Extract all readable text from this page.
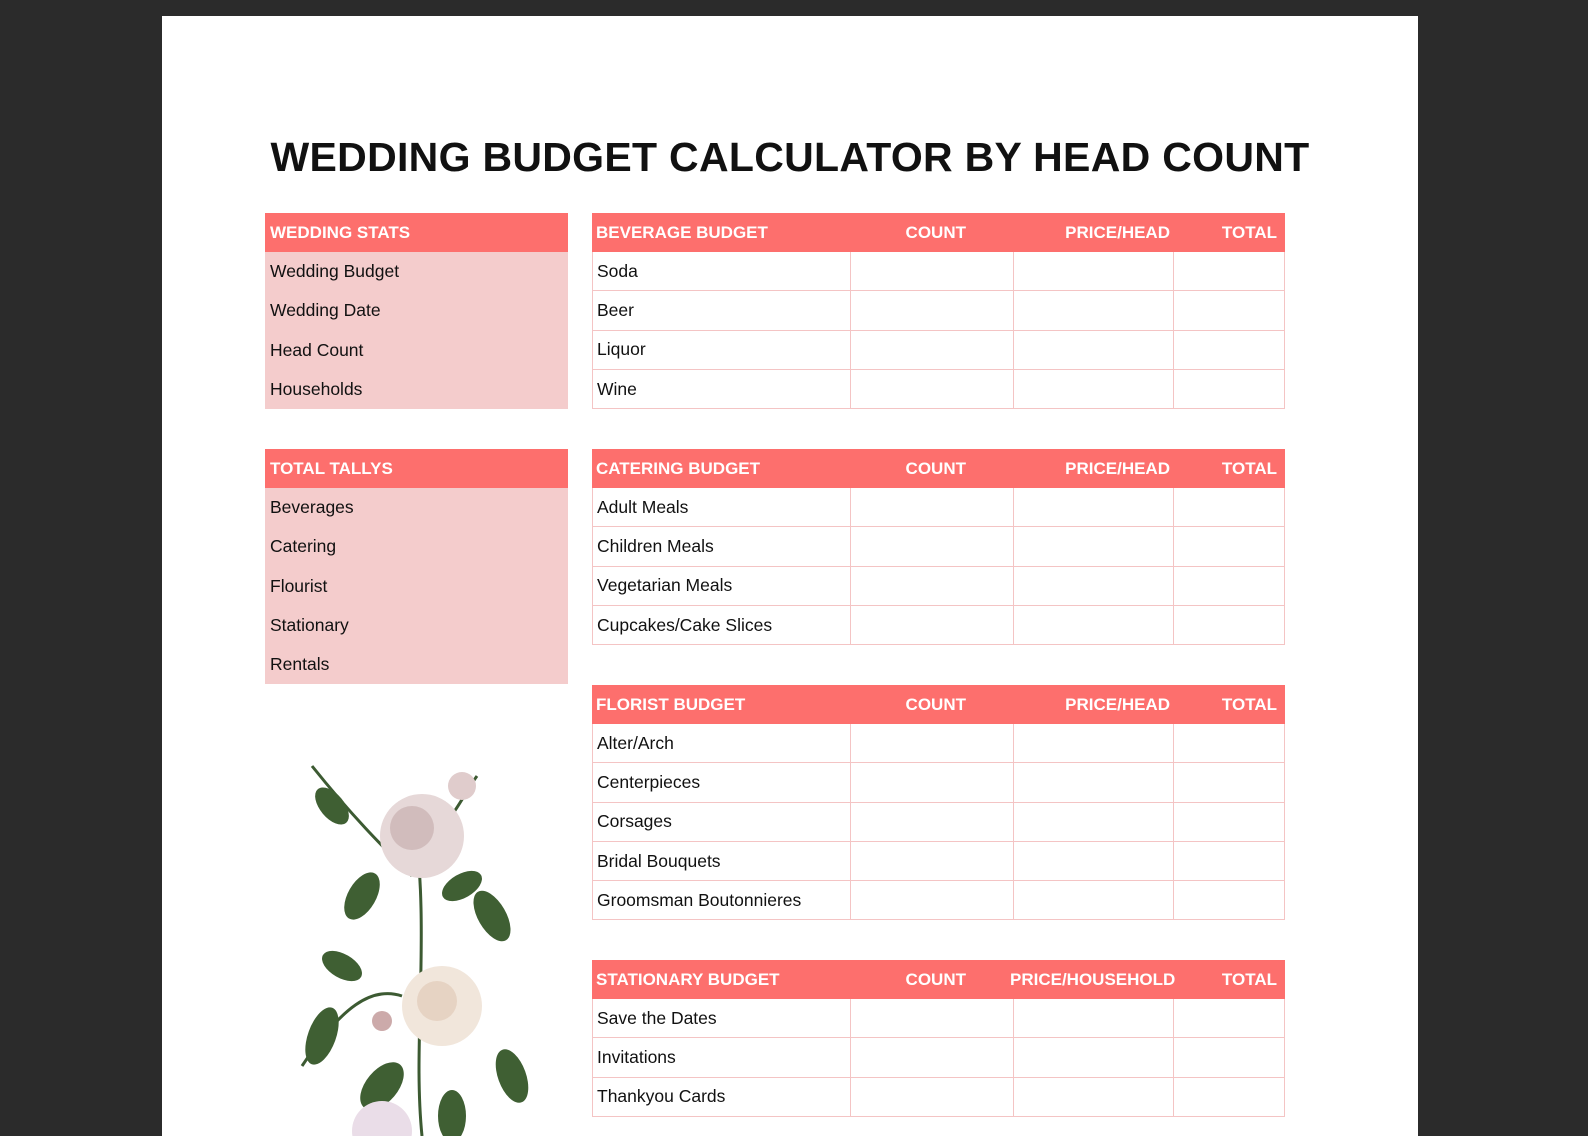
WEDDING BUDGET CALCULATOR BY HEAD COUNT
WEDDING STATS
Wedding Budget
Wedding Date
Head Count
Households
TOTAL TALLYS
Beverages
Catering
Flourist
Stationary
Rentals
BEVERAGE BUDGET	COUNT	PRICE/HEAD	TOTAL
Soda
Beer
Liquor
Wine
CATERING BUDGET	COUNT	PRICE/HEAD	TOTAL
Adult Meals
Children Meals
Vegetarian Meals
Cupcakes/Cake Slices
FLORIST BUDGET	COUNT	PRICE/HEAD	TOTAL
Alter/Arch
Centerpieces
Corsages
Bridal Bouquets
Groomsman Boutonnieres
STATIONARY BUDGET	COUNT	PRICE/HOUSEHOLD	TOTAL
Save the Dates
Invitations
Thankyou Cards
